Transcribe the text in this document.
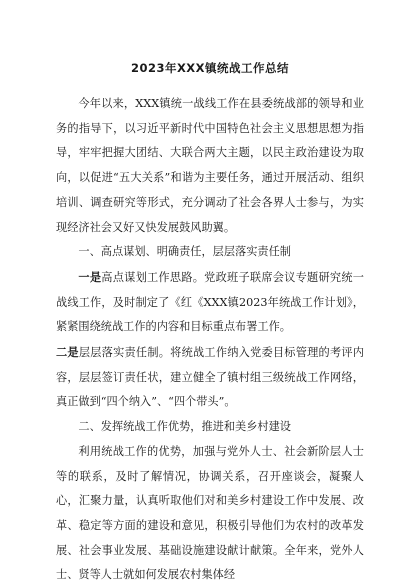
2023年XXX镇统战工作总结

今年以来，XXX镇统一战线工作在县委统战部的领导和业务的指导下，以习近平新时代中国特色社会主义思想思想为指导，牢牢把握大团结、大联合两大主题，以民主政治建设为取向，以促进“五大关系”和谐为主要任务，通过开展活动、组织培训、调查研究等形式，充分调动了社会各界人士参与，为实现经济社会又好又快发展鼓风助翼。

一、高点谋划、明确责任，层层落实责任制

一是高点谋划工作思路。党政班子联席会议专题研究统一战线工作，及时制定了《红《XXX镇2023年统战工作计划》，紧紧围绕统战工作的内容和目标重点布署工作。

二是层层落实责任制。将统战工作纳入党委目标管理的考评内容，层层签订责任状，建立健全了镇村组三级统战工作网络，真正做到“四个纳入”、“四个带头”。

二、发挥统战工作优势，推进和美乡村建设

利用统战工作的优势，加强与党外人士、社会新阶层人士等的联系，及时了解情况，协调关系，召开座谈会，凝聚人心，汇聚力量，认真听取他们对和美乡村建设工作中发展、改革、稳定等方面的建设和意见，积极引导他们为农村的改革发展、社会事业发展、基础设施建设献计献策。全年来，党外人士、贤等人士就如何发展农村集体经
